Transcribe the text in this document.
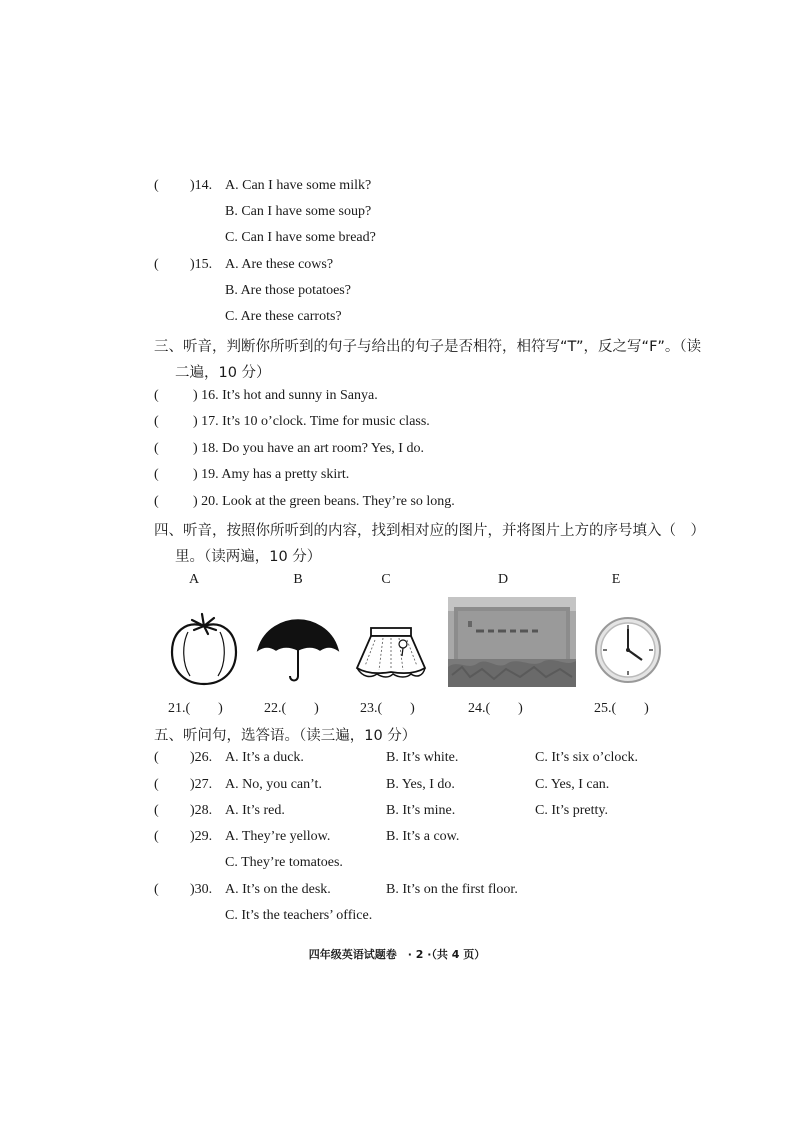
( )14. A. Can I have some milk?
B. Can I have some soup?
C. Can I have some bread?
( )15. A. Are these cows?
B. Are those potatoes?
C. Are these carrots?
三、听音，判断你所听到的句子与给出的句子是否相符，相符写“T”，反之写“F”。（读
二遍，10 分）
( ) 16. It’s hot and sunny in Sanya.
( ) 17. It’s 10 o’clock. Time for music class.
( ) 18. Do you have an art room? Yes, I do.
( ) 19. Amy has a pretty skirt.
( ) 20. Look at the green beans. They’re so long.
四、听音，按照你所听到的内容，找到相对应的图片，并将图片上方的序号填入（　）
里。（读两遍，10 分）
A	B	C	D	E
21.(　　)	22.(　　)	23.(　　)	24.(　　)	25.(　　)
五、听问句，选答语。（读三遍，10 分）
( )26. A. It’s a duck.	B. It’s white.	C. It’s six o’clock.
( )27. A. No, you can’t.	B. Yes, I do.	C. Yes, I can.
( )28. A. It’s red.	B. It’s mine.	C. It’s pretty.
( )29. A. They’re yellow.	B. It’s a cow.
C. They’re tomatoes.
( )30. A. It’s on the desk.	B. It’s on the first floor.
C. It’s the teachers’ office.
四年级英语试题卷　· 2 ·（共 4 页）
